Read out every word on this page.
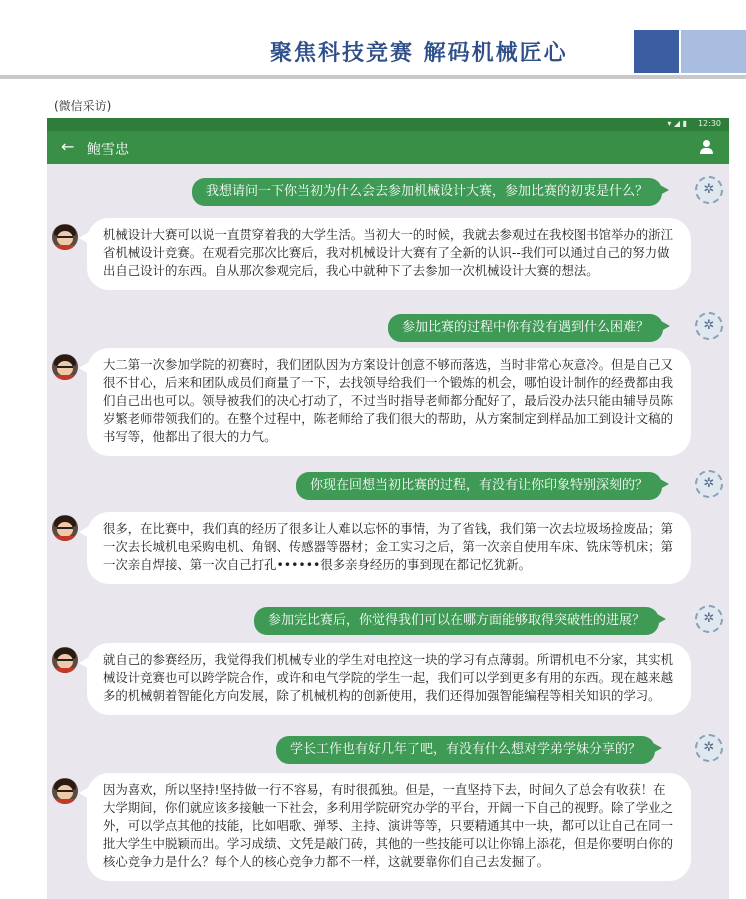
聚焦科技竞赛 解码机械匠心
(微信采访)
▾ ◢ ▮ 12:30
← 鲍雪忠
我想请问一下你当初为什么会去参加机械设计大赛，参加比赛的初衷是什么？	✲
机械设计大赛可以说一直贯穿着我的大学生活。当初大一的时候，我就去参观过在我校图书馆举办的浙江省机械设计竞赛。在观看完那次比赛后，我对机械设计大赛有了全新的认识--我们可以通过自己的努力做出自己设计的东西。自从那次参观完后，我心中就种下了去参加一次机械设计大赛的想法。
参加比赛的过程中你有没有遇到什么困难？	✲
大二第一次参加学院的初赛时，我们团队因为方案设计创意不够而落选，当时非常心灰意冷。但是自己又很不甘心，后来和团队成员们商量了一下，去找领导给我们一个锻炼的机会，哪怕设计制作的经费都由我们自己出也可以。领导被我们的决心打动了，不过当时指导老师都分配好了，最后没办法只能由辅导员陈岁繁老师带领我们的。在整个过程中，陈老师给了我们很大的帮助，从方案制定到样品加工到设计文稿的书写等，他都出了很大的力气。
你现在回想当初比赛的过程，有没有让你印象特别深刻的？	✲
很多，在比赛中，我们真的经历了很多让人难以忘怀的事情，为了省钱，我们第一次去垃圾场捡废品；第一次去长城机电采购电机、角钢、传感器等器材；金工实习之后，第一次亲自使用车床、铣床等机床；第一次亲自焊接、第一次自己打孔••••••很多亲身经历的事到现在都记忆犹新。
参加完比赛后，你觉得我们可以在哪方面能够取得突破性的进展？	✲
就自己的参赛经历，我觉得我们机械专业的学生对电控这一块的学习有点薄弱。所谓机电不分家，其实机械设计竞赛也可以跨学院合作，或许和电气学院的学生一起，我们可以学到更多有用的东西。现在越来越多的机械朝着智能化方向发展，除了机械机构的创新使用，我们还得加强智能编程等相关知识的学习。
学长工作也有好几年了吧，有没有什么想对学弟学妹分享的？	✲
因为喜欢，所以坚持!坚持做一行不容易，有时很孤独。但是，一直坚持下去，时间久了总会有收获！在大学期间，你们就应该多接触一下社会，多利用学院研究办学的平台，开阔一下自己的视野。除了学业之外，可以学点其他的技能，比如唱歌、弹琴、主持、演讲等等，只要精通其中一块，都可以让自己在同一批大学生中脱颖而出。学习成绩、文凭是敲门砖，其他的一些技能可以让你锦上添花，但是你要明白你的核心竞争力是什么？每个人的核心竞争力都不一样，这就要靠你们自己去发掘了。
